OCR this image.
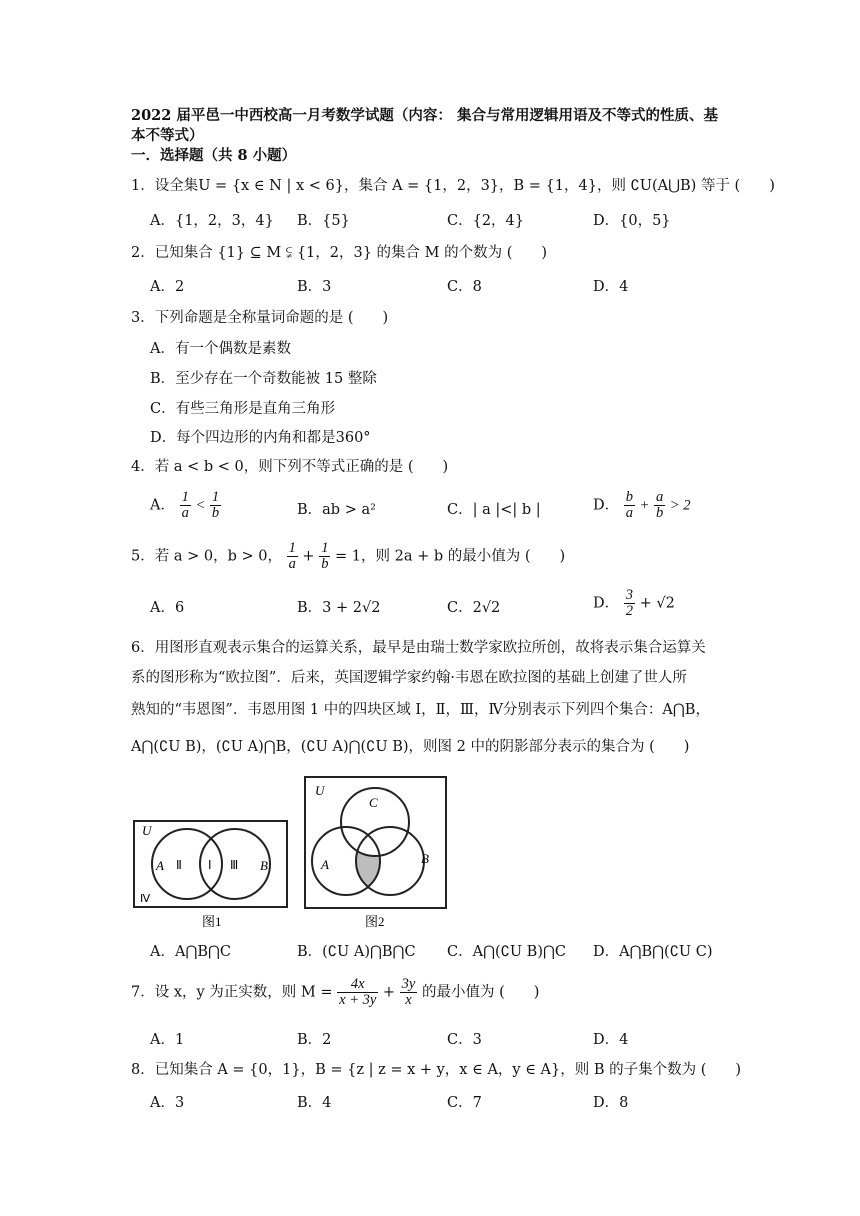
2022 届平邑一中西校高一月考数学试题（内容： 集合与常用逻辑用语及不等式的性质、基
本不等式）
一．选择题（共 8 小题）
1．设全集U = {x ∈ N | x < 6}，集合 A = {1，2，3}，B = {1，4}，则 ∁U(A⋃B) 等于 (　　)
A．{1，2，3，4} B．{5}	C．{2，4}	D．{0，5}
2．已知集合 {1} ⊆ M ⫋ {1，2，3} 的集合 M 的个数为 (　　)
A．2	B．3	C．8	D．4
3．下列命题是全称量词命题的是 (　　)
A．有一个偶数是素数
B．至少存在一个奇数能被 15 整除
C．有些三角形是直角三角形
D．每个四边形的内角和都是360°
4．若 a < b < 0，则下列不等式正确的是 (　　)
A． $\frac{1}{a} < \frac{1}{b}$	B．ab > a²	C．| a |<| b |	D． $\frac{b}{a} + \frac{a}{b} > 2$
5．若 a > 0，b > 0， $\frac{1}{a} + \frac{1}{b} = 1$，则 2a + b 的最小值为 (　　)
A．6	B．3 + 2√2	C．2√2	D． $\frac{3}{2} + √2$
6．用图形直观表示集合的运算关系，最早是由瑞士数学家欧拉所创，故将表示集合运算关
系的图形称为“欧拉图”．后来，英国逻辑学家约翰·韦恩在欧拉图的基础上创建了世人所
熟知的“韦恩图”．韦恩用图 1 中的四块区域 Ⅰ，Ⅱ，Ⅲ，Ⅳ分别表示下列四个集合：A⋂B，
A⋂(∁U B)，(∁U A)⋂B，(∁U A)⋂(∁U B)，则图 2 中的阴影部分表示的集合为 (　　)
U
A	B
Ⅱ Ⅰ Ⅲ
Ⅳ
图1
U
C
A	B
图2
A．A⋂B⋂C	B．(∁U A)⋂B⋂C C．A⋂(∁U B)⋂C D．A⋂B⋂(∁U C)
7．设 x，y 为正实数，则 $M = \frac{4x}{x + 3y} + \frac{3y}{x}$ 的最小值为 (　　)
A．1	B．2	C．3	D．4
8．已知集合 A = {0，1}，B = {z | z = x + y，x ∈ A，y ∈ A}，则 B 的子集个数为 (　　)
A．3	B．4	C．7	D．8
